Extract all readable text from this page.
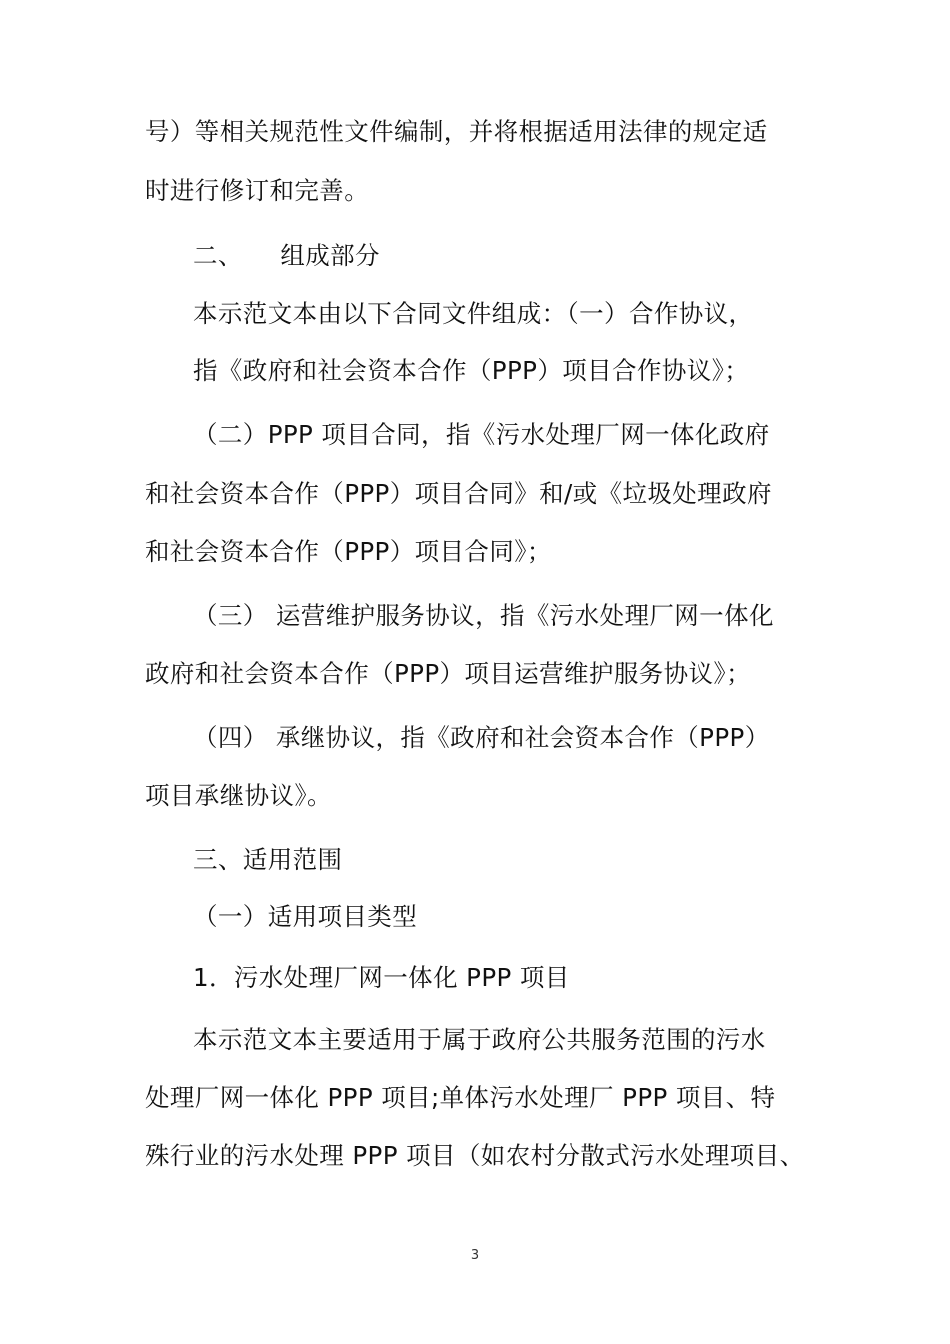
号）等相关规范性文件编制，并将根据适用法律的规定适
时进行修订和完善。
二、　　组成部分
本示范文本由以下合同文件组成：（一）合作协议，
指《政府和社会资本合作（PPP）项目合作协议》；
（二）PPP 项目合同，指《污水处理厂网一体化政府
和社会资本合作（PPP）项目合同》和/或《垃圾处理政府
和社会资本合作（PPP）项目合同》；
（三） 运营维护服务协议，指《污水处理厂网一体化
政府和社会资本合作（PPP）项目运营维护服务协议》；
（四） 承继协议，指《政府和社会资本合作（PPP）
项目承继协议》。
三、适用范围
（一）适用项目类型
1．污水处理厂网一体化 PPP 项目
本示范文本主要适用于属于政府公共服务范围的污水
处理厂网一体化 PPP 项目;单体污水处理厂 PPP 项目、特
殊行业的污水处理 PPP 项目（如农村分散式污水处理项目、
3
